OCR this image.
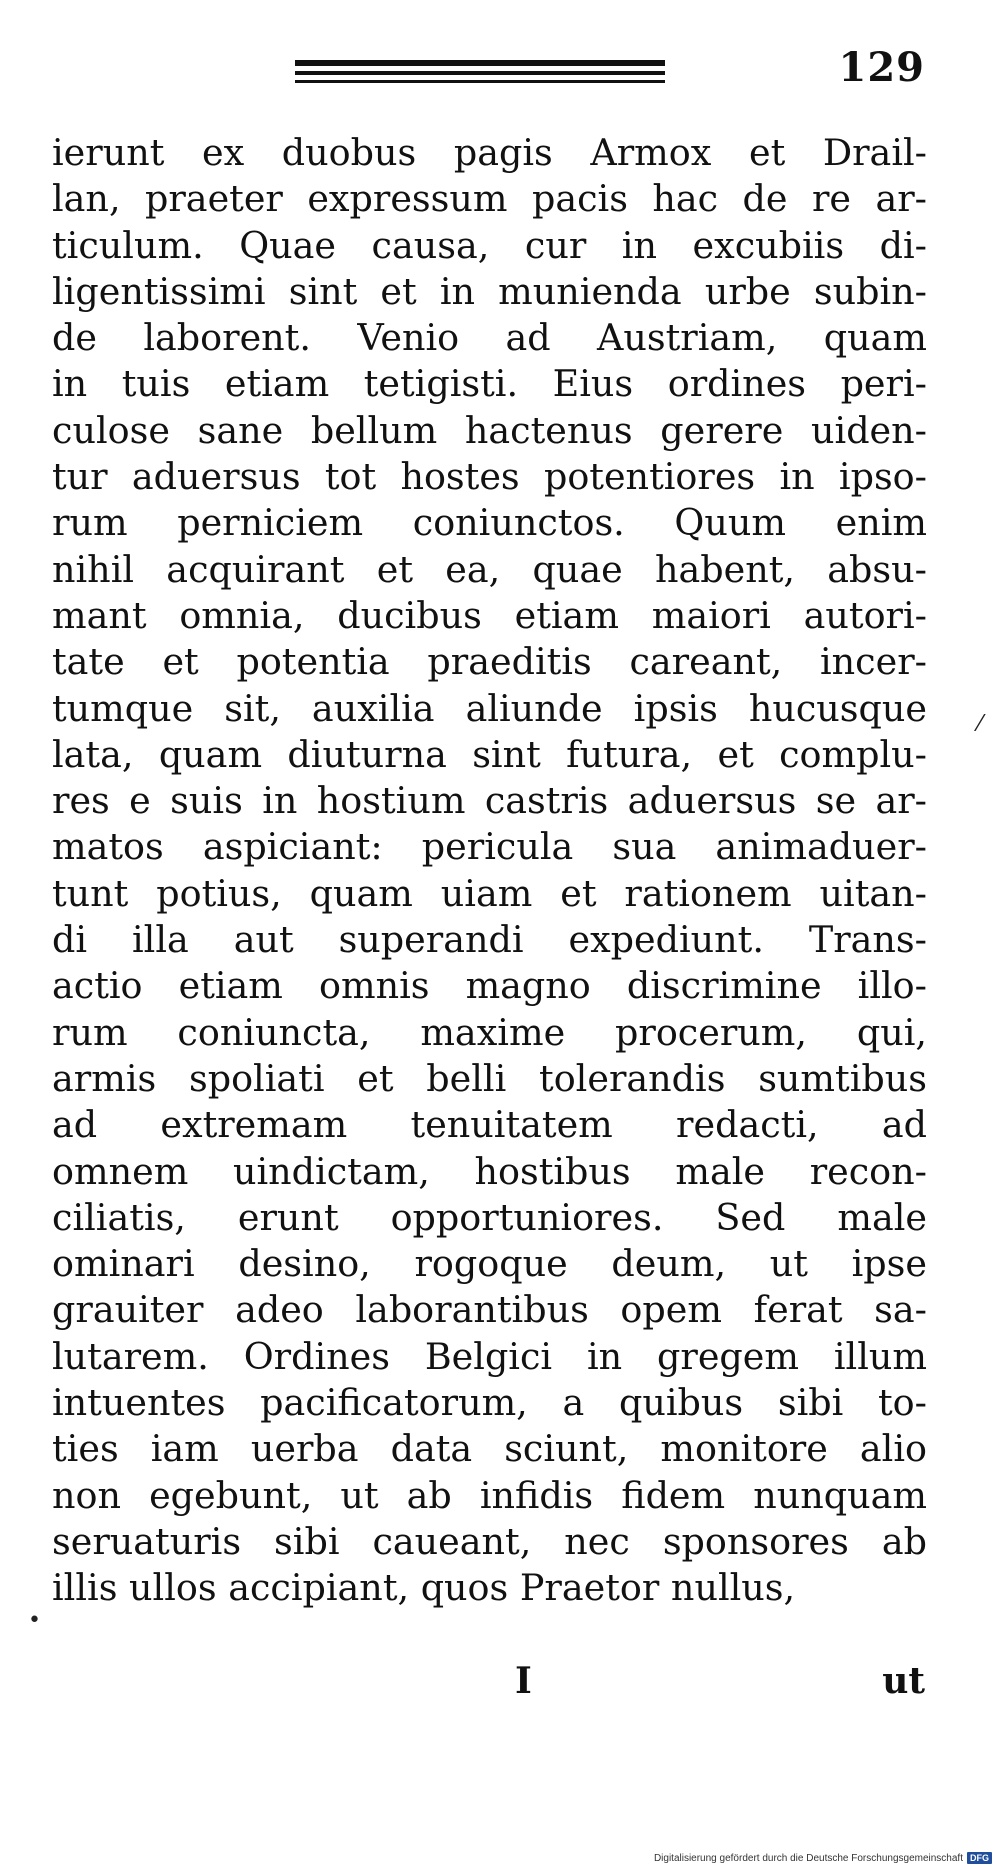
129
ierunt ex duobus pagis Armox et Drail-
lan, praeter expressum pacis hac de re ar-
ticulum. Quae causa, cur in excubiis di-
ligentissimi sint et in munienda urbe subin-
de laborent. Venio ad Austriam, quam
in tuis etiam tetigisti. Eius ordines peri-
culose sane bellum hactenus gerere uiden-
tur aduersus tot hostes potentiores in ipso-
rum perniciem coniunctos. Quum enim
nihil acquirant et ea, quae habent, absu-
mant omnia, ducibus etiam maiori autori-
tate et potentia praeditis careant, incer-
tumque sit, auxilia aliunde ipsis hucusque
lata, quam diuturna sint futura, et complu-
res e suis in hostium castris aduersus se ar-
matos aspiciant: pericula sua animaduer-
tunt potius, quam uiam et rationem uitan-
di illa aut superandi expediunt. Trans-
actio etiam omnis magno discrimine illo-
rum coniuncta, maxime procerum, qui,
armis spoliati et belli tolerandis sumtibus
ad extremam tenuitatem redacti, ad
omnem uindictam, hostibus male recon-
ciliatis, erunt opportuniores. Sed male
ominari desino, rogoque deum, ut ipse
grauiter adeo laborantibus opem ferat sa-
lutarem. Ordines Belgici in gregem illum
intuentes pacificatorum, a quibus sibi to-
ties iam uerba data sciunt, monitore alio
non egebunt, ut ab infidis fidem nunquam
seruaturis sibi caueant, nec sponsores ab
illis ullos accipiant, quos Praetor nullus,
I	ut
⁄
•
Digitalisierung gefördert durch die Deutsche Forschungsgemeinschaft DFG
